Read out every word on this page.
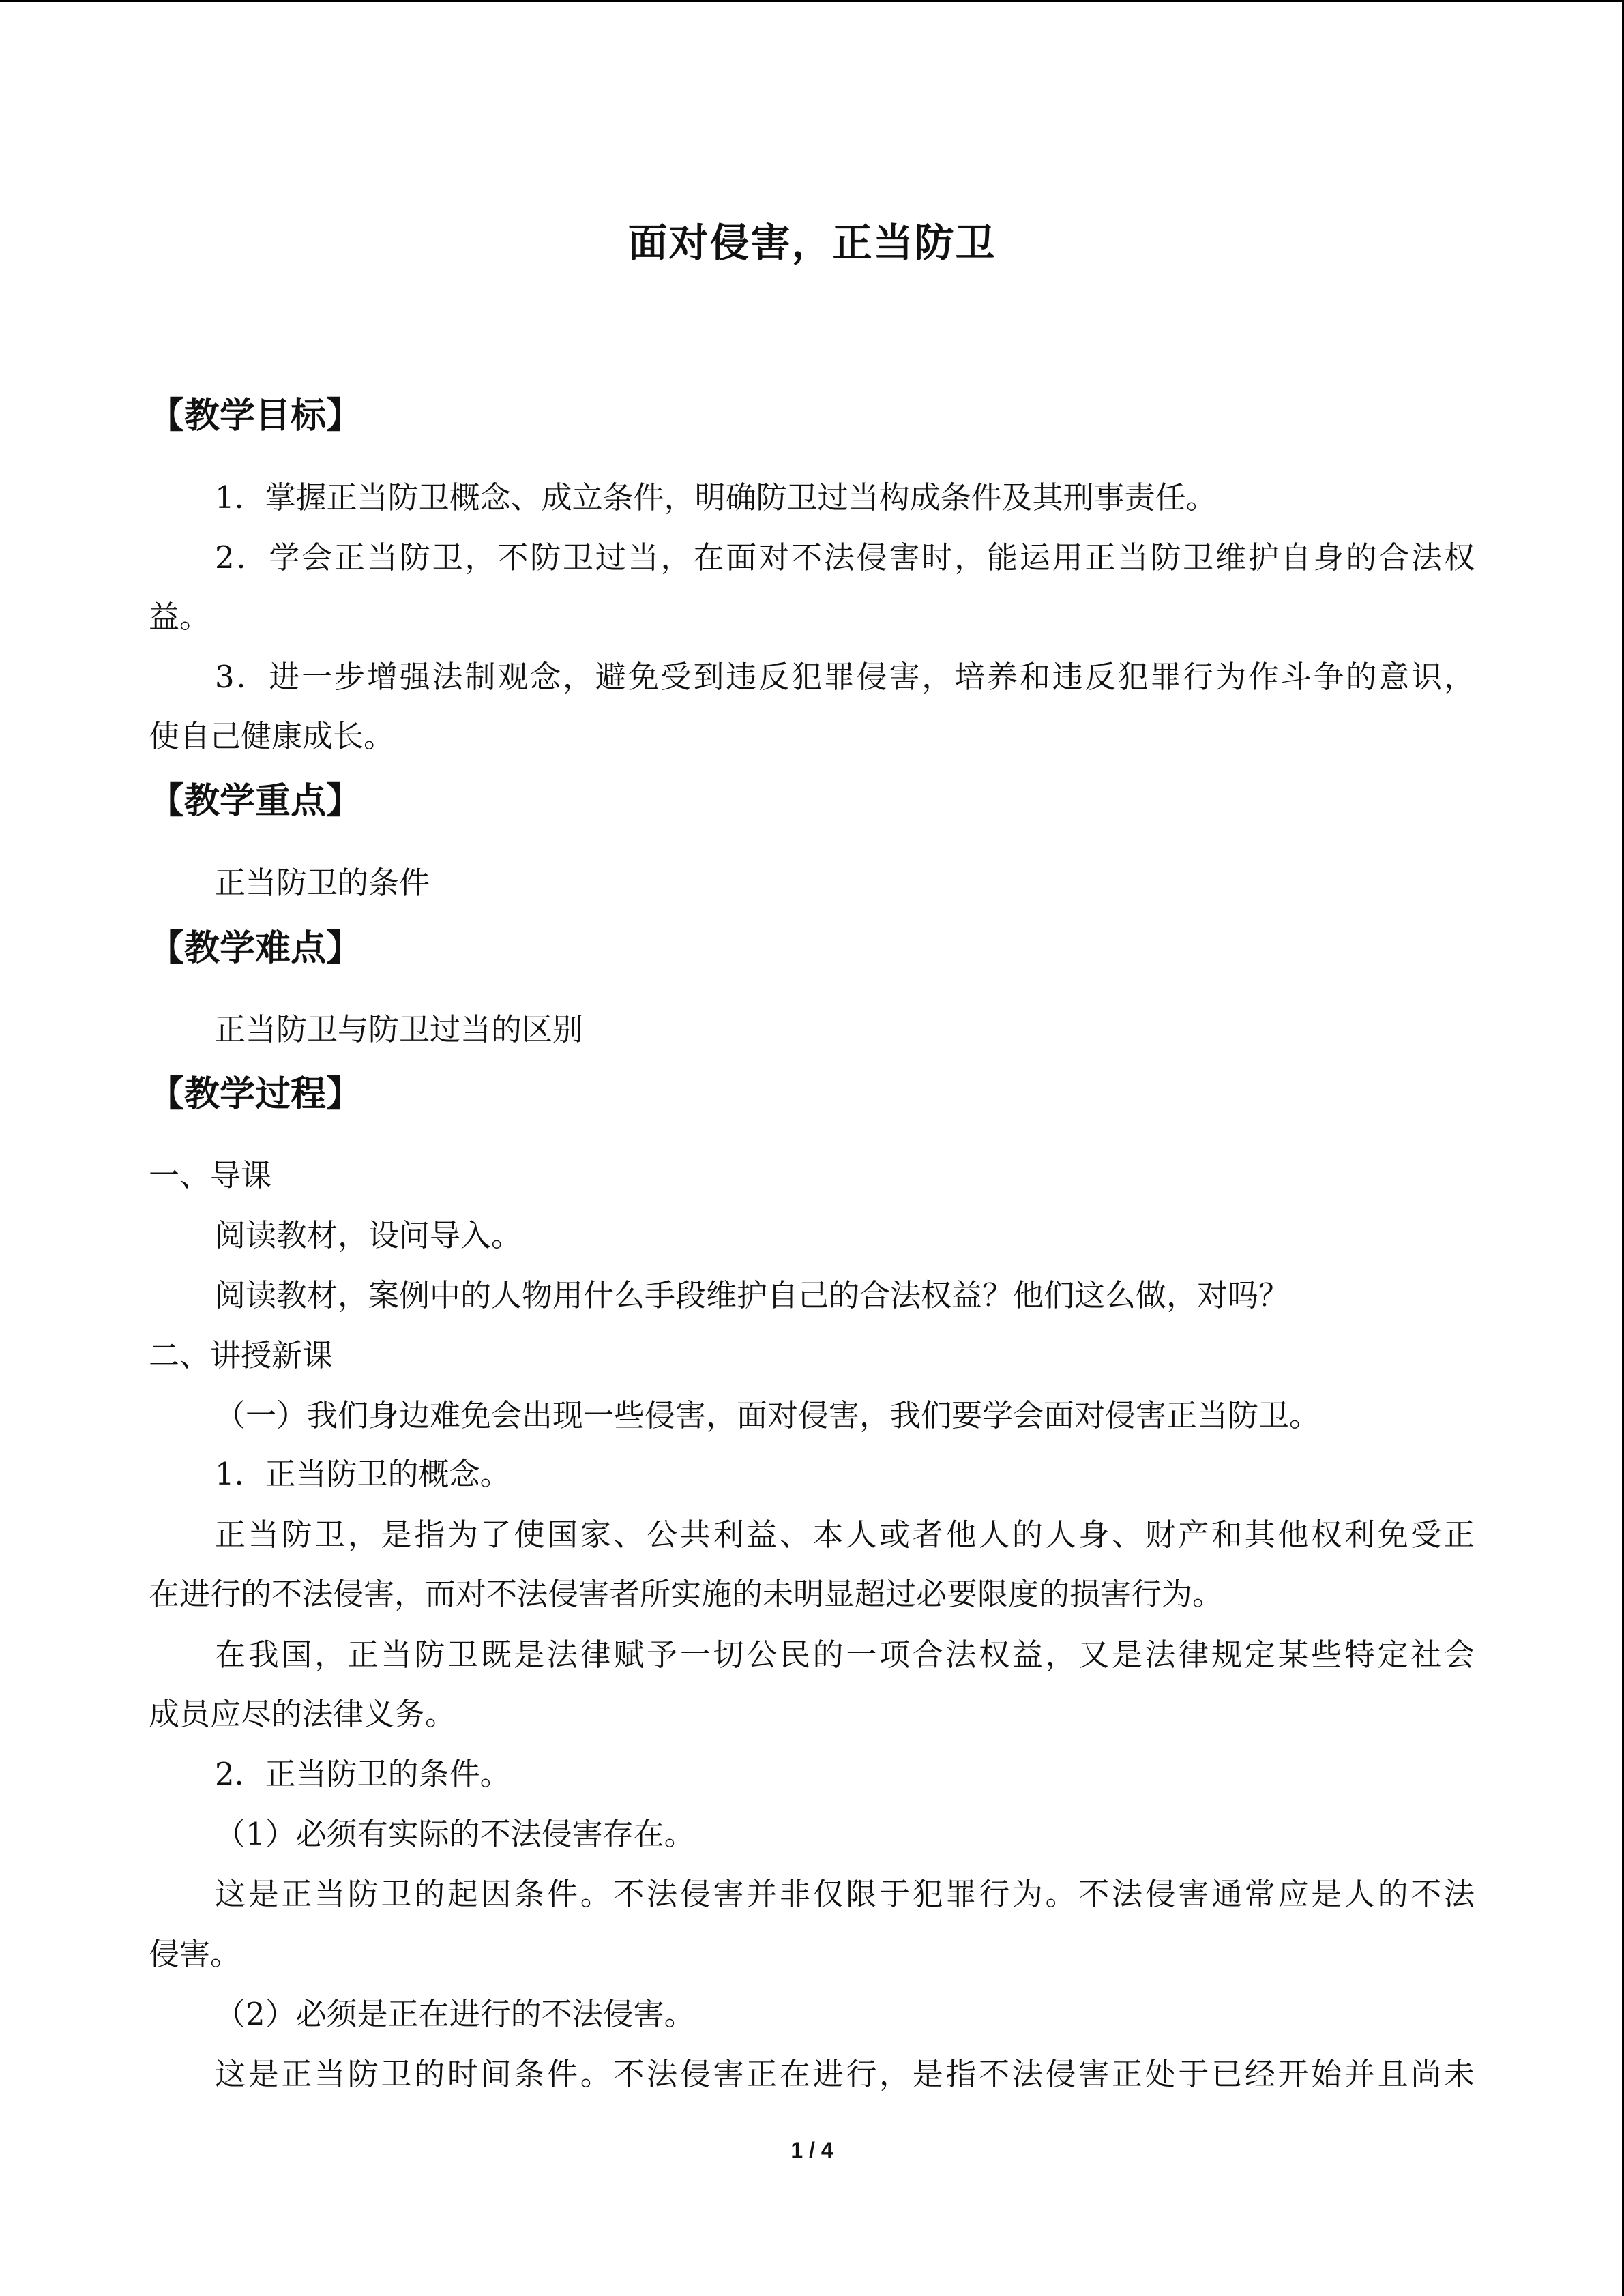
面对侵害，正当防卫
【教学目标】
1．掌握正当防卫概念、成立条件，明确防卫过当构成条件及其刑事责任。
2．学会正当防卫，不防卫过当，在面对不法侵害时，能运用正当防卫维护自身的合法权
益。
3．进一步增强法制观念，避免受到违反犯罪侵害，培养和违反犯罪行为作斗争的意识，
使自己健康成长。
【教学重点】
正当防卫的条件
【教学难点】
正当防卫与防卫过当的区别
【教学过程】
一、导课
阅读教材，设问导入。
阅读教材，案例中的人物用什么手段维护自己的合法权益？他们这么做，对吗？
二、讲授新课
（一）我们身边难免会出现一些侵害，面对侵害，我们要学会面对侵害正当防卫。
1．正当防卫的概念。
正当防卫，是指为了使国家、公共利益、本人或者他人的人身、财产和其他权利免受正
在进行的不法侵害，而对不法侵害者所实施的未明显超过必要限度的损害行为。
在我国，正当防卫既是法律赋予一切公民的一项合法权益，又是法律规定某些特定社会
成员应尽的法律义务。
2．正当防卫的条件。
（1）必须有实际的不法侵害存在。
这是正当防卫的起因条件。不法侵害并非仅限于犯罪行为。不法侵害通常应是人的不法
侵害。
（2）必须是正在进行的不法侵害。
这是正当防卫的时间条件。不法侵害正在进行，是指不法侵害正处于已经开始并且尚未
1 / 4
